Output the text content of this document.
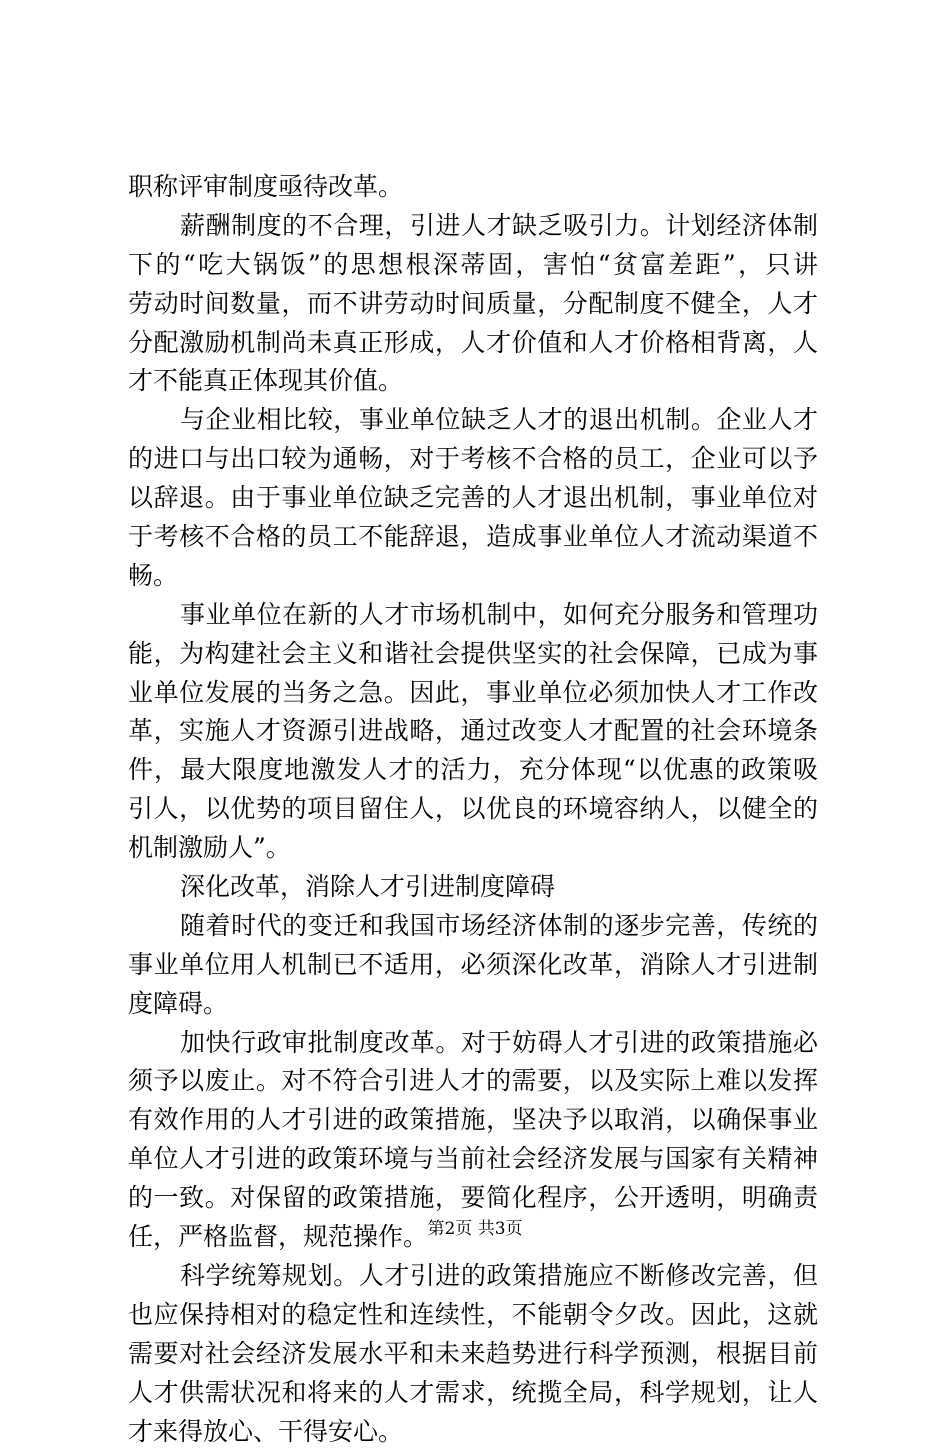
职称评审制度亟待改革。
薪酬制度的不合理，引进人才缺乏吸引力。计划经济体制
下的“吃大锅饭”的思想根深蒂固，害怕“贫富差距”，只讲
劳动时间数量，而不讲劳动时间质量，分配制度不健全，人才
分配激励机制尚未真正形成，人才价值和人才价格相背离，人
才不能真正体现其价值。
与企业相比较，事业单位缺乏人才的退出机制。企业人才
的进口与出口较为通畅，对于考核不合格的员工，企业可以予
以辞退。由于事业单位缺乏完善的人才退出机制，事业单位对
于考核不合格的员工不能辞退，造成事业单位人才流动渠道不
畅。
事业单位在新的人才市场机制中，如何充分服务和管理功
能，为构建社会主义和谐社会提供坚实的社会保障，已成为事
业单位发展的当务之急。因此，事业单位必须加快人才工作改
革，实施人才资源引进战略，通过改变人才配置的社会环境条
件，最大限度地激发人才的活力，充分体现“以优惠的政策吸
引人，以优势的项目留住人，以优良的环境容纳人，以健全的
机制激励人”。
深化改革，消除人才引进制度障碍
随着时代的变迁和我国市场经济体制的逐步完善，传统的
事业单位用人机制已不适用，必须深化改革，消除人才引进制
度障碍。
加快行政审批制度改革。对于妨碍人才引进的政策措施必
须予以废止。对不符合引进人才的需要，以及实际上难以发挥
有效作用的人才引进的政策措施，坚决予以取消，以确保事业
单位人才引进的政策环境与当前社会经济发展与国家有关精神
的一致。对保留的政策措施，要简化程序，公开透明，明确责
任，严格监督，规范操作。
科学统筹规划。人才引进的政策措施应不断修改完善，但
也应保持相对的稳定性和连续性，不能朝令夕改。因此，这就
需要对社会经济发展水平和未来趋势进行科学预测，根据目前
人才供需状况和将来的人才需求，统揽全局，科学规划，让人
才来得放心、干得安心。
第2页 共3页
